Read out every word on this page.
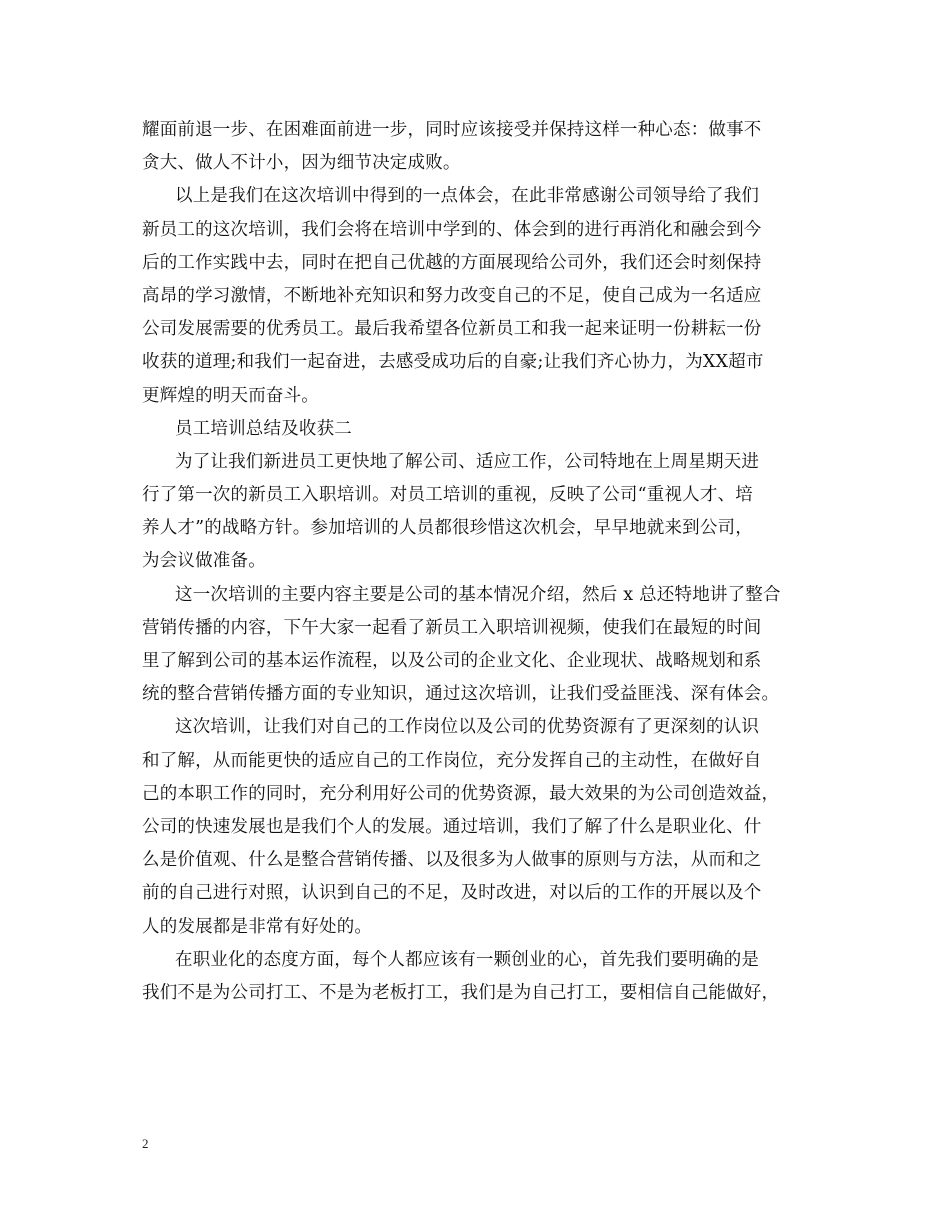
耀面前退一步、在困难面前进一步，同时应该接受并保持这样一种心态：做事不
贪大、做人不计小，因为细节决定成败。
以上是我们在这次培训中得到的一点体会，在此非常感谢公司领导给了我们
新员工的这次培训，我们会将在培训中学到的、体会到的进行再消化和融会到今
后的工作实践中去，同时在把自己优越的方面展现给公司外，我们还会时刻保持
高昂的学习激情，不断地补充知识和努力改变自己的不足，使自己成为一名适应
公司发展需要的优秀员工。最后我希望各位新员工和我一起来证明一份耕耘一份
收获的道理;和我们一起奋进，去感受成功后的自豪;让我们齐心协力，为XX超市
更辉煌的明天而奋斗。
员工培训总结及收获二
为了让我们新进员工更快地了解公司、适应工作，公司特地在上周星期天进
行了第一次的新员工入职培训。对员工培训的重视，反映了公司“重视人才、培
养人才”的战略方针。参加培训的人员都很珍惜这次机会，早早地就来到公司，
为会议做准备。
这一次培训的主要内容主要是公司的基本情况介绍，然后 x 总还特地讲了整合
营销传播的内容，下午大家一起看了新员工入职培训视频，使我们在最短的时间
里了解到公司的基本运作流程，以及公司的企业文化、企业现状、战略规划和系
统的整合营销传播方面的专业知识，通过这次培训，让我们受益匪浅、深有体会。
这次培训，让我们对自己的工作岗位以及公司的优势资源有了更深刻的认识
和了解，从而能更快的适应自己的工作岗位，充分发挥自己的主动性，在做好自
己的本职工作的同时，充分利用好公司的优势资源，最大效果的为公司创造效益，
公司的快速发展也是我们个人的发展。通过培训，我们了解了什么是职业化、什
么是价值观、什么是整合营销传播、以及很多为人做事的原则与方法，从而和之
前的自己进行对照，认识到自己的不足，及时改进，对以后的工作的开展以及个
人的发展都是非常有好处的。
在职业化的态度方面，每个人都应该有一颗创业的心，首先我们要明确的是
我们不是为公司打工、不是为老板打工，我们是为自己打工，要相信自己能做好，
2
